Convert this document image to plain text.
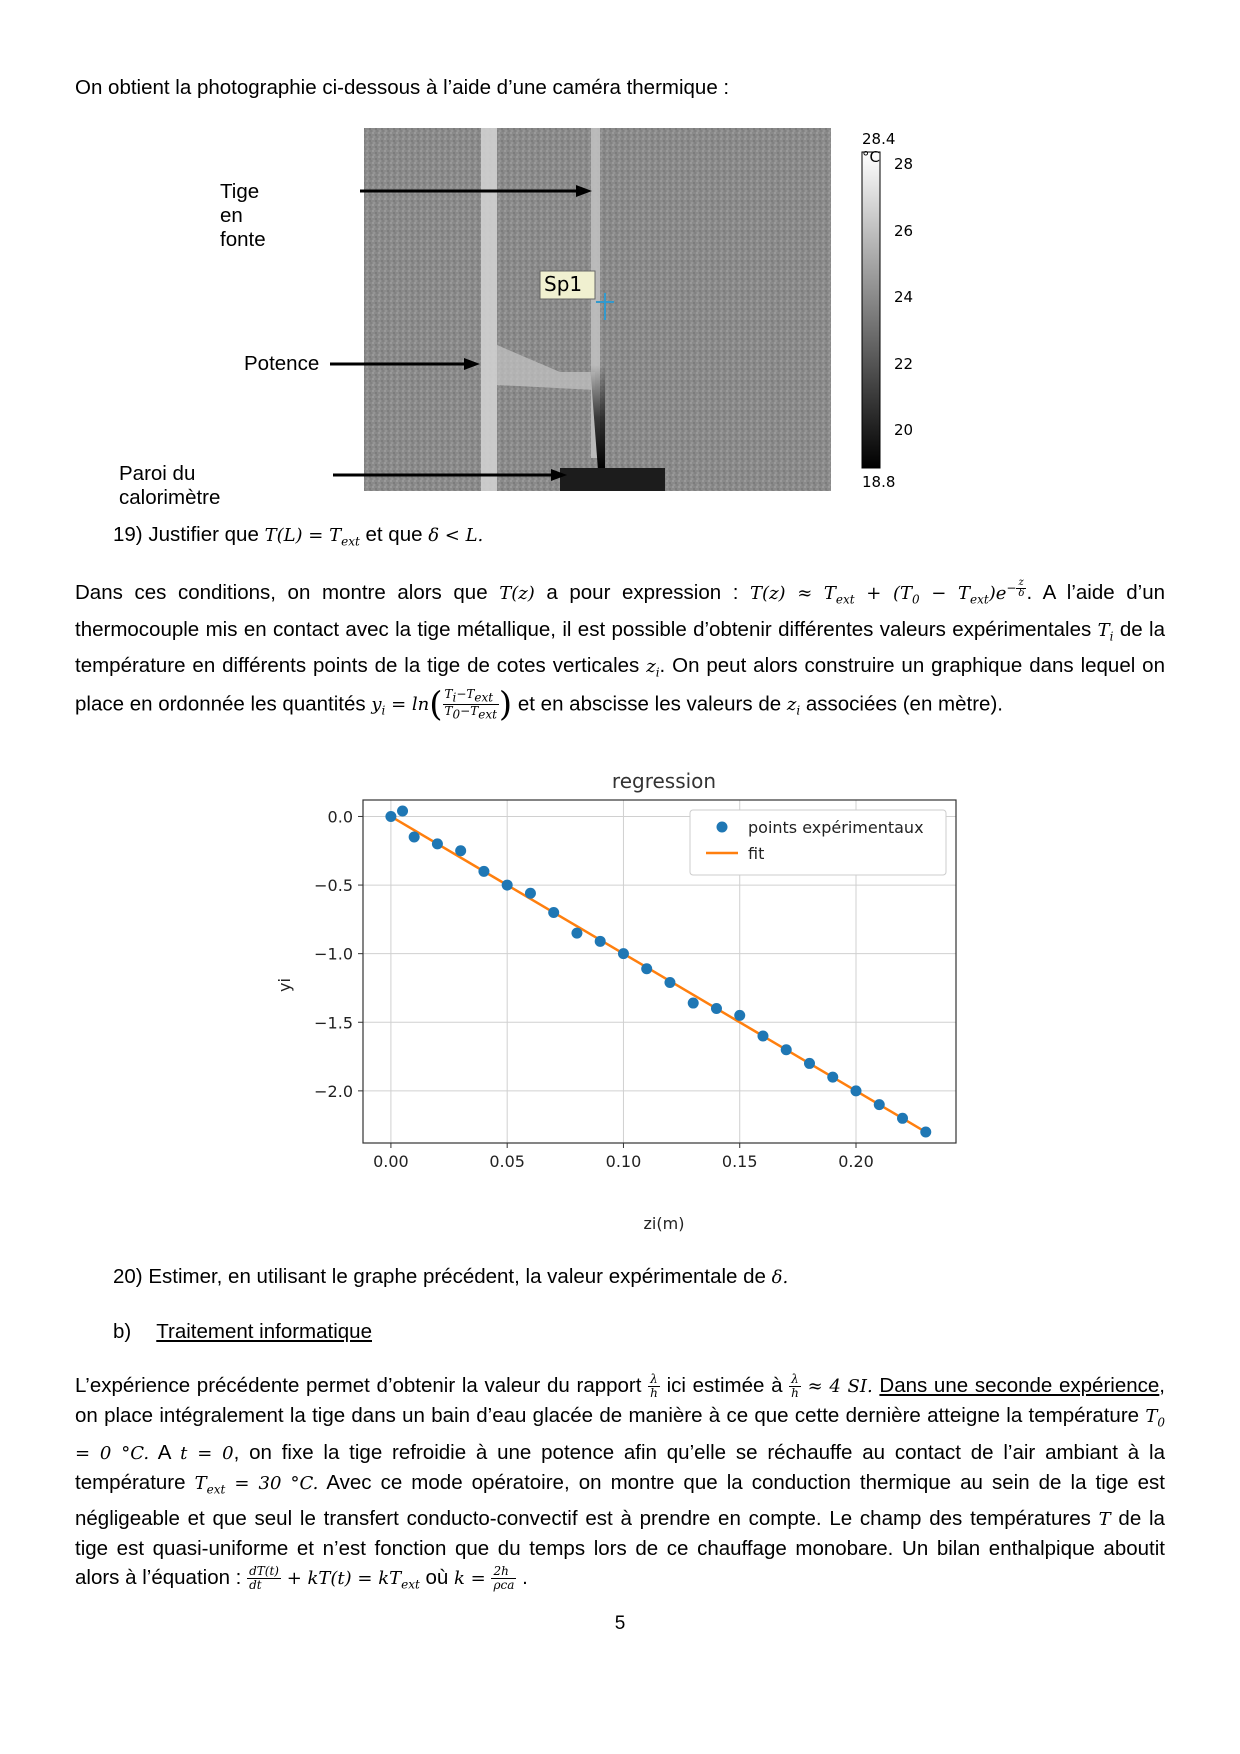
On obtient la photographie ci-dessous à l’aide d’une caméra thermique :
Tige en fonte
Potence
Paroi du calorimètre
Sp1
28.4 °C
18.8
28
26
24
22
20
19) Justifier que $T(L) = T_{ext}$ et que δ < L.
Dans ces conditions, on montre alors que T(z) a pour expression : $T(z) \approx T_{ext} + (T_0 - T_{ext})e^{- \frac{z}{\delta}}$ . A l’aide d’un thermocouple mis en contact avec la tige métallique, il est possible d’obtenir différentes valeurs expérimentales $T_i$ de la température en différents points de la tige de cotes verticales $z_i$. On peut alors construire un graphique dans lequel on place en ordonnée les quantités $y_i = \ln( \frac{T_i-T_{ext}}{T_0-T_{ext}}$ ) et en abscisse les valeurs de $z_i$ associées (en mètre).
0.00	0.05	0.10	0.15	0.20
0.0
−0.5
−1.0
−1.5
−2.0
regression
zi(m)
yi
points expérimentaux
fit
20) Estimer, en utilisant le graphe précédent, la valeur expérimentale de δ.
b) Traitement informatique
L’expérience précédente permet d’obtenir la valeur du rapport $\frac{\lambda}{h}$ ici estimée à $\frac{\lambda}{h} \approx 4$ SI. Dans une seconde expérience, on place intégralement la tige dans un bain d’eau glacée de manière à ce que cette dernière atteigne la température $T_0 = 0$ °C. A t = 0, on fixe la tige refroidie à une potence afin qu’elle se réchauffe au contact de l’air ambiant à la température $T_{ext} = 30$ °C. Avec ce mode opératoire, on montre que la conduction thermique au sein de la tige est négligeable et que seul le transfert conducto-convectif est à prendre en compte. Le champ des températures T de la tige est quasi-uniforme et n’est fonction que du temps lors de ce chauffage monobare. Un bilan enthalpique aboutit alors à l’équation : $\frac{dT(t)}{dt} + kT(t) = kT_{ext}$ où $k = \frac{2h}{\text{ρca}}$ .
5
